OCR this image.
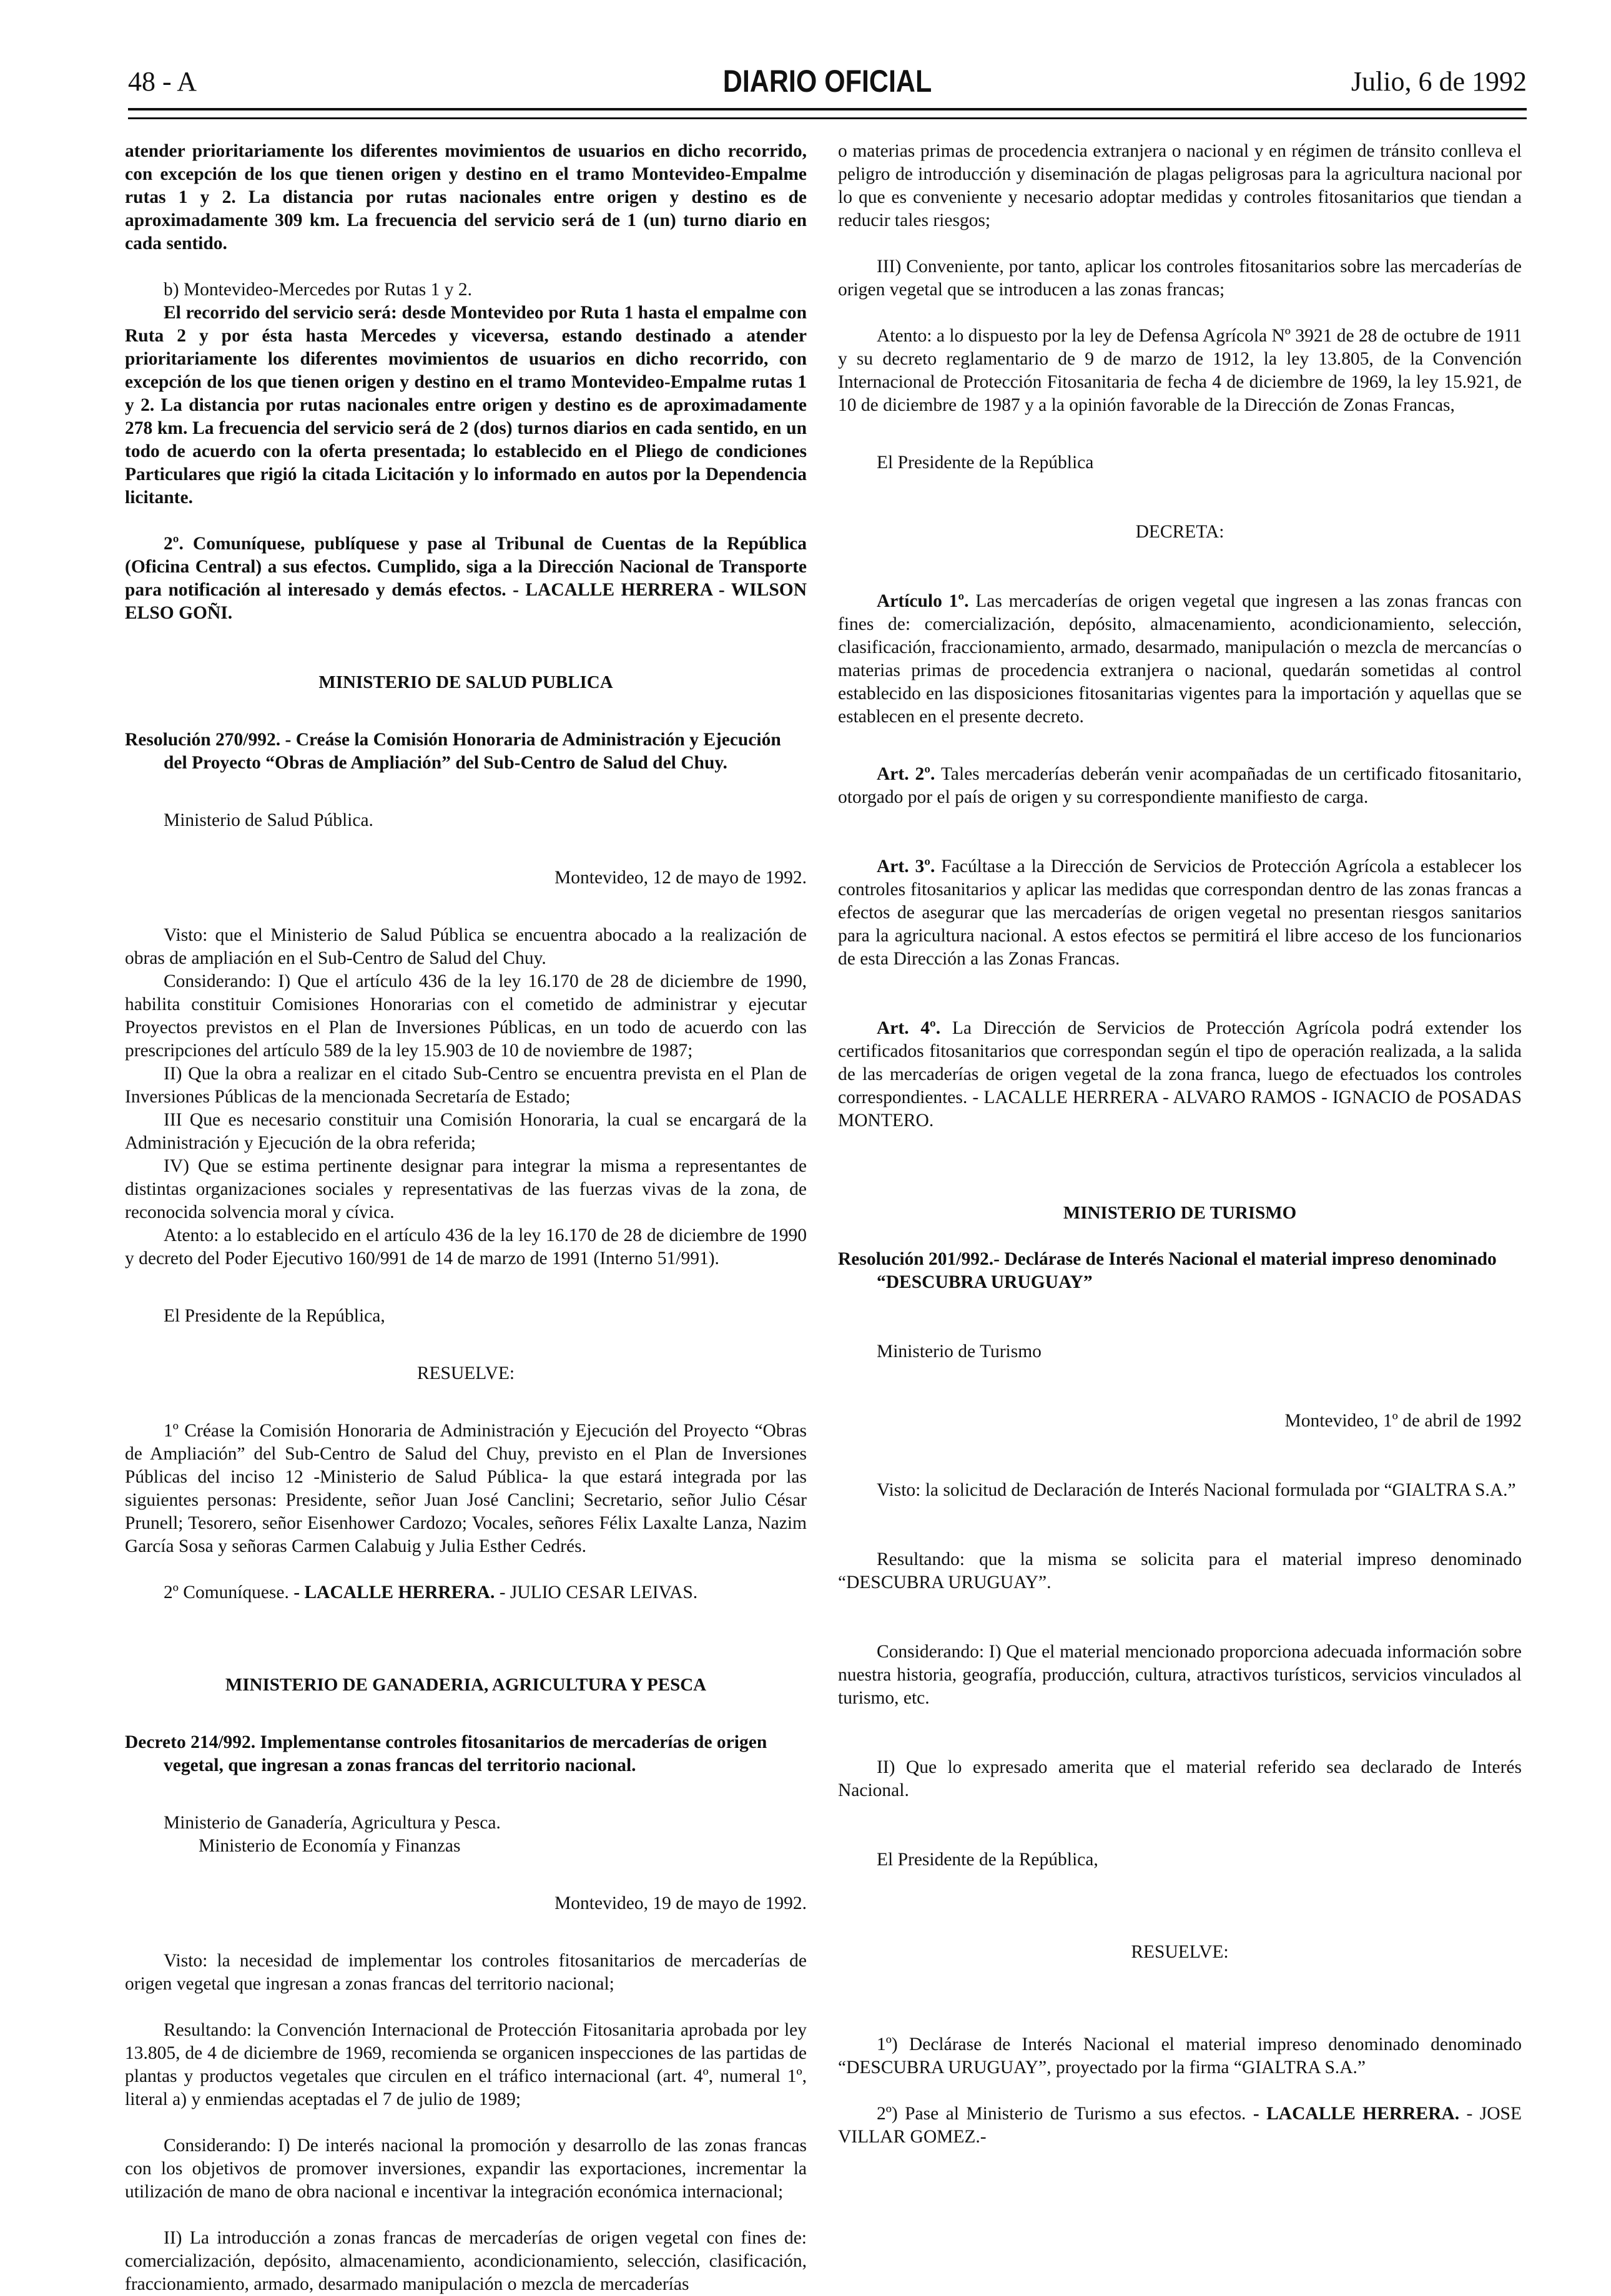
48 - A	DIARIO OFICIAL	Julio, 6 de 1992

atender prioritariamente los diferentes movimientos de usuarios en dicho recorrido, con excepción de los que tienen origen y destino en el tramo Montevideo-Empalme rutas 1 y 2. La distancia por rutas nacionales entre origen y destino es de aproximadamente 309 km. La frecuencia del servicio será de 1 (un) turno diario en cada sentido.

b) Montevideo-Mercedes por Rutas 1 y 2.

El recorrido del servicio será: desde Montevideo por Ruta 1 hasta el empalme con Ruta 2 y por ésta hasta Mercedes y viceversa, estando destinado a atender prioritariamente los diferentes movimientos de usuarios en dicho recorrido, con excepción de los que tienen origen y destino en el tramo Montevideo-Empalme rutas 1 y 2. La distancia por rutas nacionales entre origen y destino es de aproximadamente 278 km. La frecuencia del servicio será de 2 (dos) turnos diarios en cada sentido, en un todo de acuerdo con la oferta presentada; lo establecido en el Pliego de condiciones Particulares que rigió la citada Licitación y lo informado en autos por la Dependencia licitante.

2º. Comuníquese, publíquese y pase al Tribunal de Cuentas de la República (Oficina Central) a sus efectos. Cumplido, siga a la Dirección Nacional de Transporte para notificación al interesado y demás efectos. - LACALLE HERRERA - WILSON ELSO GOÑI.

MINISTERIO DE SALUD PUBLICA

Resolución 270/992. - Creáse la Comisión Honoraria de Administración y Ejecución del Proyecto “Obras de Ampliación” del Sub-Centro de Salud del Chuy.

Ministerio de Salud Pública.

Montevideo, 12 de mayo de 1992.

Visto: que el Ministerio de Salud Pública se encuentra abocado a la realización de obras de ampliación en el Sub-Centro de Salud del Chuy.

Considerando: I) Que el artículo 436 de la ley 16.170 de 28 de diciembre de 1990, habilita constituir Comisiones Honorarias con el cometido de administrar y ejecutar Proyectos previstos en el Plan de Inversiones Públicas, en un todo de acuerdo con las prescripciones del artículo 589 de la ley 15.903 de 10 de noviembre de 1987;

II) Que la obra a realizar en el citado Sub-Centro se encuentra prevista en el Plan de Inversiones Públicas de la mencionada Secretaría de Estado;

III Que es necesario constituir una Comisión Honoraria, la cual se encargará de la Administración y Ejecución de la obra referida;

IV) Que se estima pertinente designar para integrar la misma a representantes de distintas organizaciones sociales y representativas de las fuerzas vivas de la zona, de reconocida solvencia moral y cívica.

Atento: a lo establecido en el artículo 436 de la ley 16.170 de 28 de diciembre de 1990 y decreto del Poder Ejecutivo 160/991 de 14 de marzo de 1991 (Interno 51/991).

El Presidente de la República,

RESUELVE:

1º Créase la Comisión Honoraria de Administración y Ejecución del Proyecto “Obras de Ampliación” del Sub-Centro de Salud del Chuy, previsto en el Plan de Inversiones Públicas del inciso 12 -Ministerio de Salud Pública- la que estará integrada por las siguientes personas: Presidente, señor Juan José Canclini; Secretario, señor Julio César Prunell; Tesorero, señor Eisenhower Cardozo; Vocales, señores Félix Laxalte Lanza, Nazim García Sosa y señoras Carmen Calabuig y Julia Esther Cedrés.

2º Comuníquese. - LACALLE HERRERA. - JULIO CESAR LEIVAS.

MINISTERIO DE GANADERIA, AGRICULTURA Y PESCA

Decreto 214/992. Implementanse controles fitosanitarios de mercaderías de origen vegetal, que ingresan a zonas francas del territorio nacional.

Ministerio de Ganadería, Agricultura y Pesca.

Ministerio de Economía y Finanzas

Montevideo, 19 de mayo de 1992.

Visto: la necesidad de implementar los controles fitosanitarios de mercaderías de origen vegetal que ingresan a zonas francas del territorio nacional;

Resultando: la Convención Internacional de Protección Fitosanitaria aprobada por ley 13.805, de 4 de diciembre de 1969, recomienda se organicen inspecciones de las partidas de plantas y productos vegetales que circulen en el tráfico internacional (art. 4º, numeral 1º, literal a) y enmiendas aceptadas el 7 de julio de 1989;

Considerando: I) De interés nacional la promoción y desarrollo de las zonas francas con los objetivos de promover inversiones, expandir las exportaciones, incrementar la utilización de mano de obra nacional e incentivar la integración económica internacional;

II) La introducción a zonas francas de mercaderías de origen vegetal con fines de: comercialización, depósito, almacenamiento, acondicionamiento, selección, clasificación, fraccionamiento, armado, desarmado manipulación o mezcla de mercaderías

o materias primas de procedencia extranjera o nacional y en régimen de tránsito conlleva el peligro de introducción y diseminación de plagas peligrosas para la agricultura nacional por lo que es conveniente y necesario adoptar medidas y controles fitosanitarios que tiendan a reducir tales riesgos;

III) Conveniente, por tanto, aplicar los controles fitosanitarios sobre las mercaderías de origen vegetal que se introducen a las zonas francas;

Atento: a lo dispuesto por la ley de Defensa Agrícola Nº 3921 de 28 de octubre de 1911 y su decreto reglamentario de 9 de marzo de 1912, la ley 13.805, de la Convención Internacional de Protección Fitosanitaria de fecha 4 de diciembre de 1969, la ley 15.921, de 10 de diciembre de 1987 y a la opinión favorable de la Dirección de Zonas Francas,

El Presidente de la República

DECRETA:

Artículo 1º. Las mercaderías de origen vegetal que ingresen a las zonas francas con fines de: comercialización, depósito, almacenamiento, acondicionamiento, selección, clasificación, fraccionamiento, armado, desarmado, manipulación o mezcla de mercancías o materias primas de procedencia extranjera o nacional, quedarán sometidas al control establecido en las disposiciones fitosanitarias vigentes para la importación y aquellas que se establecen en el presente decreto.

Art. 2º. Tales mercaderías deberán venir acompañadas de un certificado fitosanitario, otorgado por el país de origen y su correspondiente manifiesto de carga.

Art. 3º. Facúltase a la Dirección de Servicios de Protección Agrícola a establecer los controles fitosanitarios y aplicar las medidas que correspondan dentro de las zonas francas a efectos de asegurar que las mercaderías de origen vegetal no presentan riesgos sanitarios para la agricultura nacional. A estos efectos se permitirá el libre acceso de los funcionarios de esta Dirección a las Zonas Francas.

Art. 4º. La Dirección de Servicios de Protección Agrícola podrá extender los certificados fitosanitarios que correspondan según el tipo de operación realizada, a la salida de las mercaderías de origen vegetal de la zona franca, luego de efectuados los controles correspondientes. - LACALLE HERRERA - ALVARO RAMOS - IGNACIO de POSADAS MONTERO.

MINISTERIO DE TURISMO

Resolución 201/992.- Declárase de Interés Nacional el material impreso denominado “DESCUBRA URUGUAY”

Ministerio de Turismo

Montevideo, 1º de abril de 1992

Visto: la solicitud de Declaración de Interés Nacional formulada por “GIALTRA S.A.”

Resultando: que la misma se solicita para el material impreso denominado “DESCUBRA URUGUAY”.

Considerando: I) Que el material mencionado proporciona adecuada información sobre nuestra historia, geografía, producción, cultura, atractivos turísticos, servicios vinculados al turismo, etc.

II) Que lo expresado amerita que el material referido sea declarado de Interés Nacional.

El Presidente de la República,

RESUELVE:

1º) Declárase de Interés Nacional el material impreso denominado denominado “DESCUBRA URUGUAY”, proyectado por la firma “GIALTRA S.A.”

2º) Pase al Ministerio de Turismo a sus efectos. - LACALLE HERRERA. - JOSE VILLAR GOMEZ.-
